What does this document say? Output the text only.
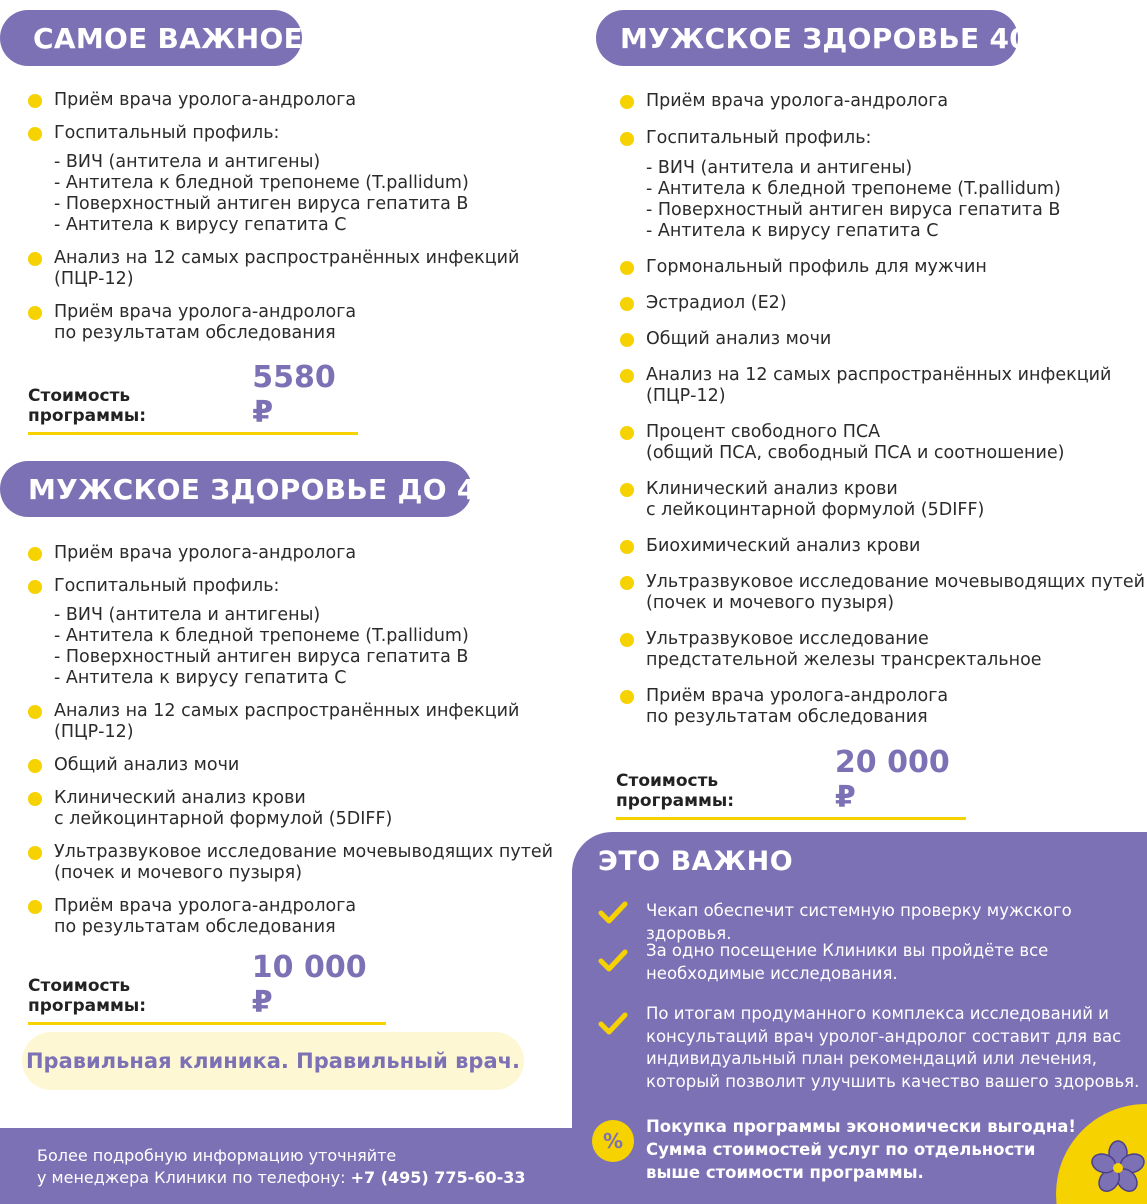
САМОЕ ВАЖНОЕ
Приём врача уролога-андролога
Госпитальный профиль:
- ВИЧ (антитела и антигены)
- Антитела к бледной трепонеме (T.pallidum)
- Поверхностный антиген вируса гепатита В
- Антитела к вирусу гепатита С
Анализ на 12 самых распространённых инфекций
(ПЦР-12)
Приём врача уролога-андролога
по результатам обследования
Стоимость программы:
5580 ₽
МУЖСКОЕ ЗДОРОВЬЕ ДО 40
Приём врача уролога-андролога
Госпитальный профиль:
- ВИЧ (антитела и антигены)
- Антитела к бледной трепонеме (T.pallidum)
- Поверхностный антиген вируса гепатита В
- Антитела к вирусу гепатита С
Анализ на 12 самых распространённых инфекций
(ПЦР-12)
Общий анализ мочи
Клинический анализ крови
с лейкоцинтарной формулой (5DIFF)
Ультразвуковое исследование мочевыводящих путей
(почек и мочевого пузыря)
Приём врача уролога-андролога
по результатам обследования
Стоимость программы:
10 000 ₽
Правильная клиника. Правильный врач.
МУЖСКОЕ ЗДОРОВЬЕ 40+
Приём врача уролога-андролога
Госпитальный профиль:
- ВИЧ (антитела и антигены)
- Антитела к бледной трепонеме (T.pallidum)
- Поверхностный антиген вируса гепатита В
- Антитела к вирусу гепатита С
Гормональный профиль для мужчин
Эстрадиол (Е2)
Общий анализ мочи
Анализ на 12 самых распространённых инфекций
(ПЦР-12)
Процент свободного ПСА
(общий ПСА, свободный ПСА и соотношение)
Клинический анализ крови
с лейкоцинтарной формулой (5DIFF)
Биохимический анализ крови
Ультразвуковое исследование мочевыводящих путей
(почек и мочевого пузыря)
Ультразвуковое исследование
предстательной железы трансректальное
Приём врача уролога-андролога
по результатам обследования
Стоимость программы:
20 000 ₽
Более подробную информацию уточняйте
у менеджера Клиники по телефону: +7 (495) 775-60-33
ЭТО ВАЖНО
Чекап обеспечит системную проверку мужского здоровья.
За одно посещение Клиники вы пройдёте все
необходимые исследования.
По итогам продуманного комплекса исследований и
консультаций врач уролог-андролог составит для вас
индивидуальный план рекомендаций или лечения,
который позволит улучшить качество вашего здоровья.
%
Покупка программы экономически выгодна!
Сумма стоимостей услуг по отдельности
выше стоимости программы.
